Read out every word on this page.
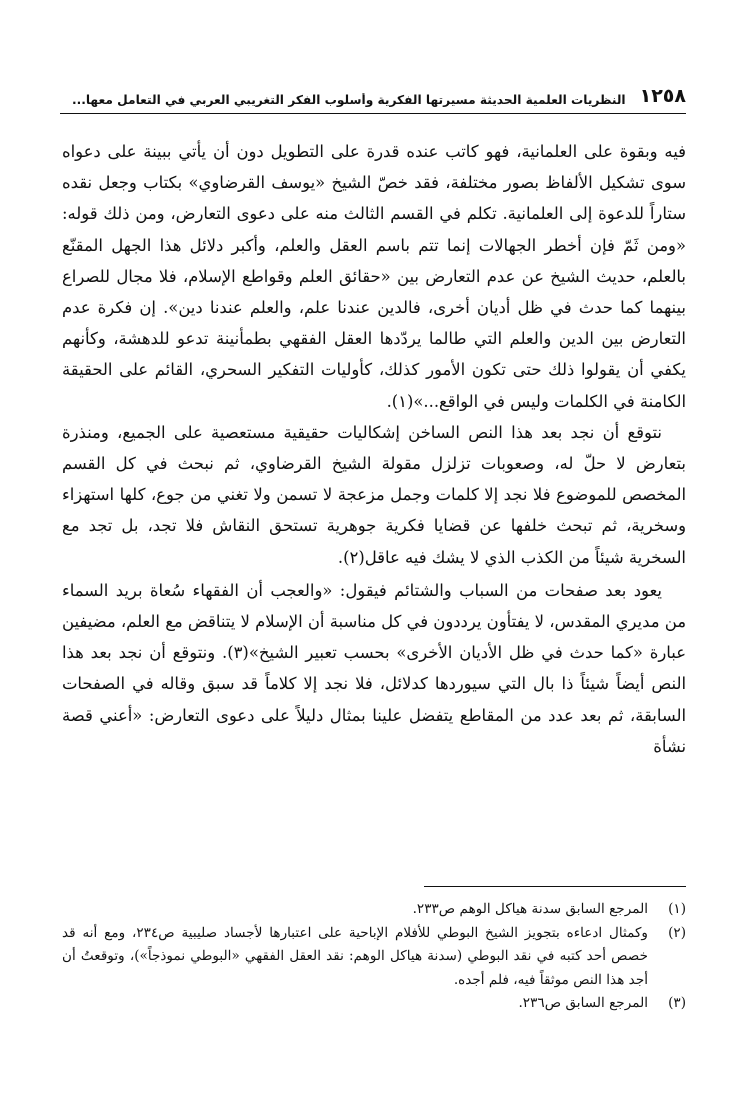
١٢٥٨
النظريات العلمية الحديثة مسيرتها الفكرية وأسلوب الفكر التغريبي العربي في التعامل معها...

فيه وبقوة على العلمانية، فهو كاتب عنده قدرة على التطويل دون أن يأتي ببينة على دعواه سوى تشكيل الألفاظ بصور مختلفة، فقد خصّ الشيخ «يوسف القرضاوي» بكتاب وجعل نقده ستاراً للدعوة إلى العلمانية. تكلم في القسم الثالث منه على دعوى التعارض، ومن ذلك قوله: «ومن ثَمّ فإن أخطر الجهالات إنما تتم باسم العقل والعلم، وأكبر دلائل هذا الجهل المقنّع بالعلم، حديث الشيخ عن عدم التعارض بين «حقائق العلم وقواطع الإسلام، فلا مجال للصراع بينهما كما حدث في ظل أديان أخرى، فالدين عندنا علم، والعلم عندنا دين». إن فكرة عدم التعارض بين الدين والعلم التي طالما يردّدها العقل الفقهي بطمأنينة تدعو للدهشة، وكأنهم يكفي أن يقولوا ذلك حتى تكون الأمور كذلك، كأوليات التفكير السحري، القائم على الحقيقة الكامنة في الكلمات وليس في الواقع...»(١).

نتوقع أن نجد بعد هذا النص الساخن إشكاليات حقيقية مستعصية على الجميع، ومنذرة بتعارض لا حلّ له، وصعوبات تزلزل مقولة الشيخ القرضاوي، ثم نبحث في كل القسم المخصص للموضوع فلا نجد إلا كلمات وجمل مزعجة لا تسمن ولا تغني من جوع، كلها استهزاء وسخرية، ثم تبحث خلفها عن قضايا فكرية جوهرية تستحق النقاش فلا تجد، بل تجد مع السخرية شيئاً من الكذب الذي لا يشك فيه عاقل(٢).

يعود بعد صفحات من السباب والشتائم فيقول: «والعجب أن الفقهاء سُعاة بريد السماء من مديري المقدس، لا يفتأون يرددون في كل مناسبة أن الإسلام لا يتناقض مع العلم، مضيفين عبارة «كما حدث في ظل الأديان الأخرى» بحسب تعبير الشيخ»(٣). ونتوقع أن نجد بعد هذا النص أيضاً شيئاً ذا بال التي سيوردها كدلائل، فلا نجد إلا كلاماً قد سبق وقاله في الصفحات السابقة، ثم بعد عدد من المقاطع يتفضل علينا بمثال دليلاً على دعوى التعارض: «أعني قصة نشأة

(١)
المرجع السابق سدنة هياكل الوهم ص٢٣٣.
(٢)
وكمثال ادعاءه بتجويز الشيخ البوطي للأفلام الإباحية على اعتبارها لأجساد صليبية ص٢٣٤، ومع أنه قد خصص أحد كتبه في نقد البوطي (سدنة هياكل الوهم: نقد العقل الفقهي «البوطي نموذجاً»)، وتوقعتُ أن أجد هذا النص موثقاً فيه، فلم أجده.
(٣)
المرجع السابق ص٢٣٦.
